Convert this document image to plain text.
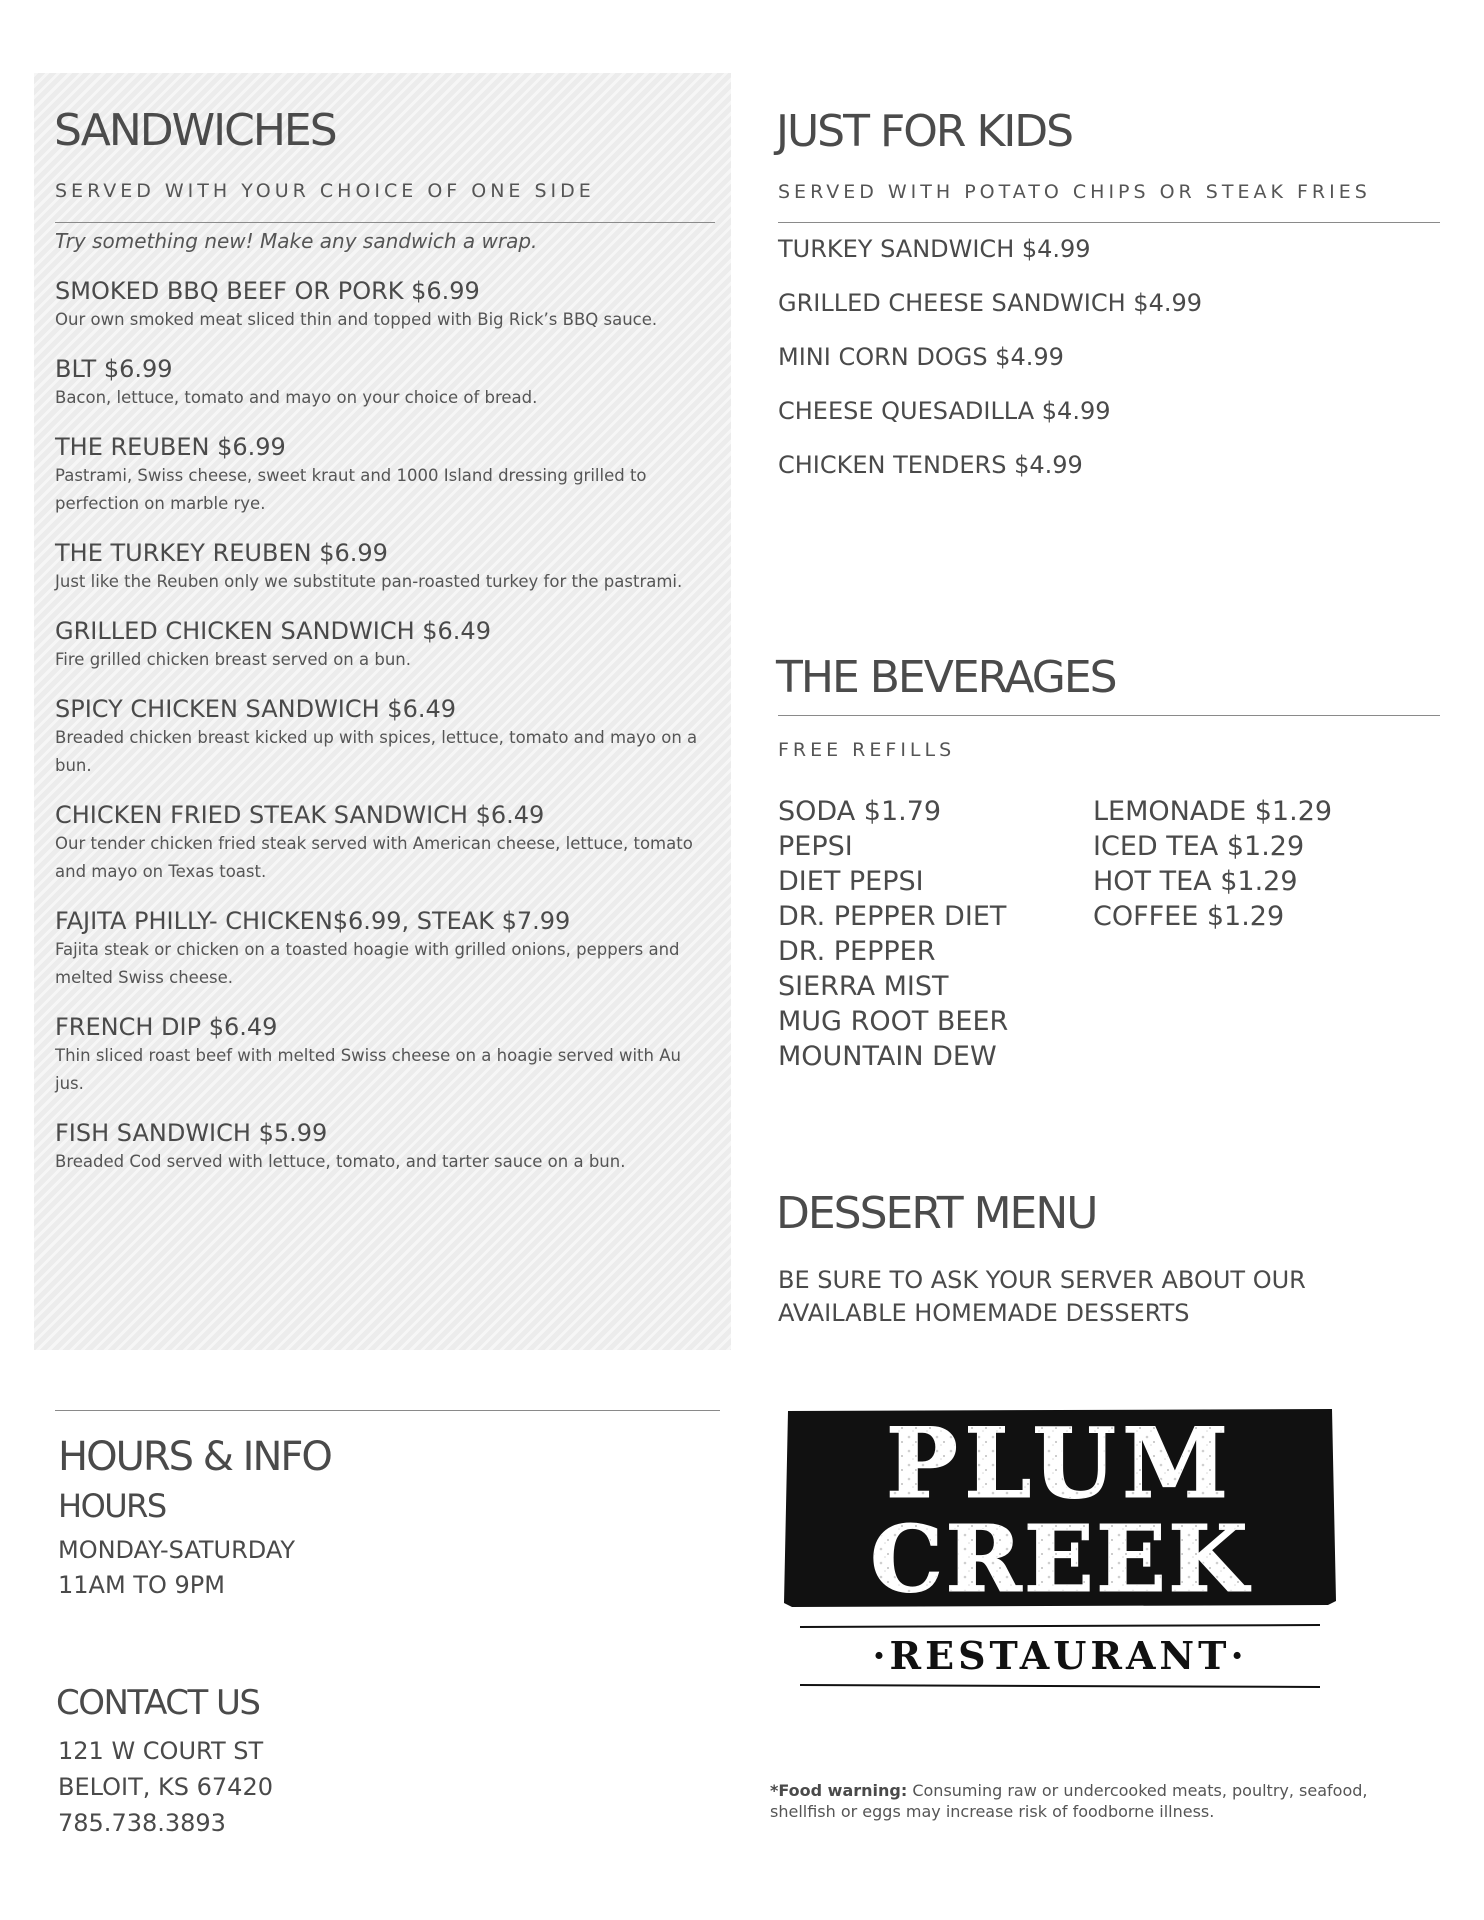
SANDWICHES

SERVED WITH YOUR CHOICE OF ONE SIDE

Try something new! Make any sandwich a wrap.

SMOKED BBQ BEEF OR PORK $6.99
Our own smoked meat sliced thin and topped with Big Rick’s BBQ sauce.
BLT $6.99
Bacon, lettuce, tomato and mayo on your choice of bread.
THE REUBEN $6.99
Pastrami, Swiss cheese, sweet kraut and 1000 Island dressing grilled to perfection on marble rye.
THE TURKEY REUBEN $6.99
Just like the Reuben only we substitute pan-roasted turkey for the pastrami.
GRILLED CHICKEN SANDWICH $6.49
Fire grilled chicken breast served on a bun.
SPICY CHICKEN SANDWICH $6.49
Breaded chicken breast kicked up with spices, lettuce, tomato and mayo on a bun.
CHICKEN FRIED STEAK SANDWICH $6.49
Our tender chicken fried steak served with American cheese, lettuce, tomato and mayo on Texas toast.
FAJITA PHILLY- CHICKEN$6.99, STEAK $7.99
Fajita steak or chicken on a toasted hoagie with grilled onions, peppers and melted Swiss cheese.
FRENCH DIP $6.49
Thin sliced roast beef with melted Swiss cheese on a hoagie served with Au jus.
FISH SANDWICH $5.99
Breaded Cod served with lettuce, tomato, and tarter sauce on a bun.
JUST FOR KIDS

SERVED WITH POTATO CHIPS OR STEAK FRIES

TURKEY SANDWICH $4.99
GRILLED CHEESE SANDWICH $4.99
MINI CORN DOGS $4.99
CHEESE QUESADILLA $4.99
CHICKEN TENDERS $4.99
THE BEVERAGES

FREE REFILLS

SODA $1.79
PEPSI
DIET PEPSI
DR. PEPPER DIET
DR. PEPPER
SIERRA MIST
MUG ROOT BEER
MOUNTAIN DEW
LEMONADE $1.29
ICED TEA $1.29
HOT TEA $1.29
COFFEE $1.29
DESSERT MENU

BE SURE TO ASK YOUR SERVER ABOUT OUR
AVAILABLE HOMEMADE DESSERTS

HOURS & INFO
HOURS
MONDAY-SATURDAY
11AM TO 9PM
CONTACT US
121 W COURT ST
BELOIT, KS 67420
785.738.3893
PLUM
CREEK
·RESTAURANT·

*Food warning: Consuming raw or undercooked meats, poultry, seafood, shellfish or eggs may increase risk of foodborne illness.
